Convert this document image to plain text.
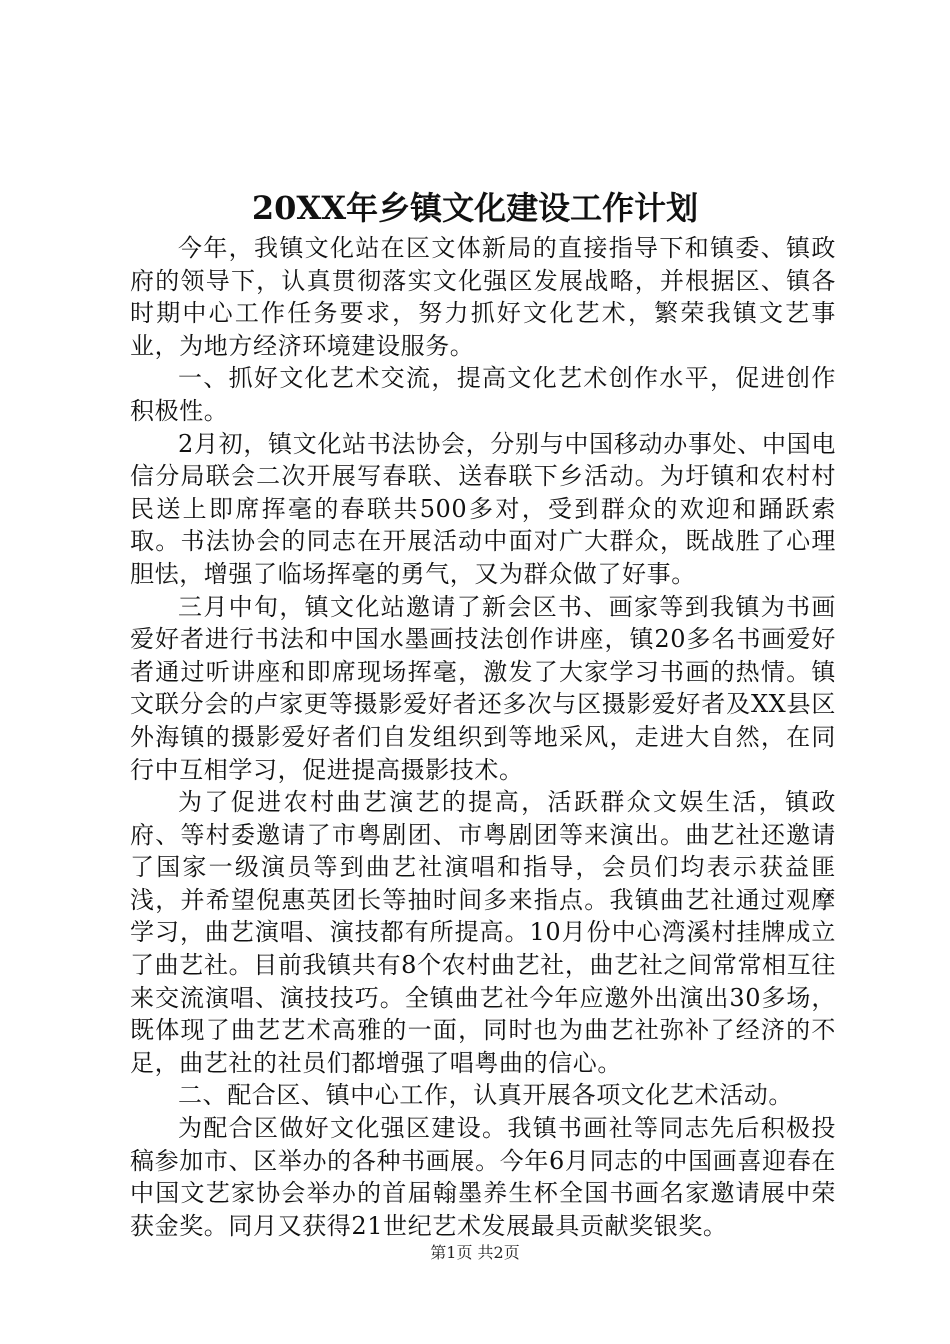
20XX年乡镇文化建设工作计划

今年，我镇文化站在区文体新局的直接指导下和镇委、镇政府的领导下，认真贯彻落实文化强区发展战略，并根据区、镇各时期中心工作任务要求，努力抓好文化艺术，繁荣我镇文艺事业，为地方经济环境建设服务。

一、抓好文化艺术交流，提高文化艺术创作水平，促进创作积极性。

2月初，镇文化站书法协会，分别与中国移动办事处、中国电信分局联会二次开展写春联、送春联下乡活动。为圩镇和农村村民送上即席挥毫的春联共500多对，受到群众的欢迎和踊跃索取。书法协会的同志在开展活动中面对广大群众，既战胜了心理胆怯，增强了临场挥毫的勇气，又为群众做了好事。

三月中旬，镇文化站邀请了新会区书、画家等到我镇为书画爱好者进行书法和中国水墨画技法创作讲座，镇20多名书画爱好者通过听讲座和即席现场挥毫，激发了大家学习书画的热情。镇文联分会的卢家更等摄影爱好者还多次与区摄影爱好者及XX县区外海镇的摄影爱好者们自发组织到等地采风，走进大自然，在同行中互相学习，促进提高摄影技术。

为了促进农村曲艺演艺的提高，活跃群众文娱生活，镇政府、等村委邀请了市粤剧团、市粤剧团等来演出。曲艺社还邀请了国家一级演员等到曲艺社演唱和指导，会员们均表示获益匪浅，并希望倪惠英团长等抽时间多来指点。我镇曲艺社通过观摩学习，曲艺演唱、演技都有所提高。10月份中心湾溪村挂牌成立了曲艺社。目前我镇共有8个农村曲艺社，曲艺社之间常常相互往来交流演唱、演技技巧。全镇曲艺社今年应邀外出演出30多场，既体现了曲艺艺术高雅的一面，同时也为曲艺社弥补了经济的不足，曲艺社的社员们都增强了唱粤曲的信心。

二、配合区、镇中心工作，认真开展各项文化艺术活动。

为配合区做好文化强区建设。我镇书画社等同志先后积极投稿参加市、区举办的各种书画展。今年6月同志的中国画喜迎春在中国文艺家协会举办的首届翰墨养生杯全国书画名家邀请展中荣获金奖。同月又获得21世纪艺术发展最具贡献奖银奖。

第1页 共2页
